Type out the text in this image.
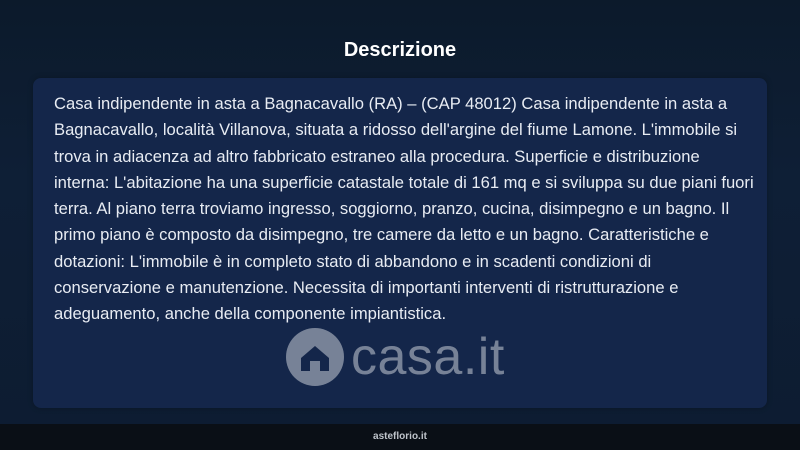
Descrizione

Casa indipendente in asta a Bagnacavallo (RA) – (CAP 48012) Casa indipendente in asta a Bagnacavallo, località Villanova, situata a ridosso dell'argine del fiume Lamone. L'immobile si trova in adiacenza ad altro fabbricato estraneo alla procedura. Superficie e distribuzione interna: L'abitazione ha una superficie catastale totale di 161 mq e si sviluppa su due piani fuori terra. Al piano terra troviamo ingresso, soggiorno, pranzo, cucina, disimpegno e un bagno. Il primo piano è composto da disimpegno, tre camere da letto e un bagno. Caratteristiche e dotazioni: L'immobile è in completo stato di abbandono e in scadenti condizioni di conservazione e manutenzione. Necessita di importanti interventi di ristrutturazione e adeguamento, anche della componente impiantistica.

casa.it
asteflorio.it
